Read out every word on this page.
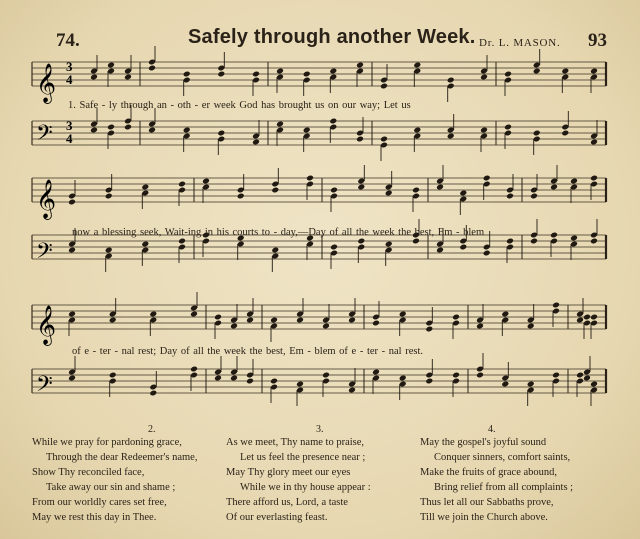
74.	Safely through another Week. Dr. L. MASON. 93
𝄞
𝄢
𝄞
𝄢
𝄞
𝄢
3
4
3
4
1. Safe - ly through an - oth - er week God has brought us on our way; Let us
now a blessing seek, Wait-ing in his courts to - day,—Day of all the week the best, Em - blem
of e - ter - nal rest; Day of all the week the best, Em - blem of e - ter - nal rest.
2.	3.	4.
While we pray for pardoning grace,
Through the dear Redeemer's name,
Show Thy reconciled face,
Take away our sin and shame ;
From our worldly cares set free,
May we rest this day in Thee.
As we meet, Thy name to praise,
Let us feel the presence near ;
May Thy glory meet our eyes
While we in thy house appear :
There afford us, Lord, a taste
Of our everlasting feast.
May the gospel's joyful sound
Conquer sinners, comfort saints,
Make the fruits of grace abound,
Bring relief from all complaints ;
Thus let all our Sabbaths prove,
Till we join the Church above.
